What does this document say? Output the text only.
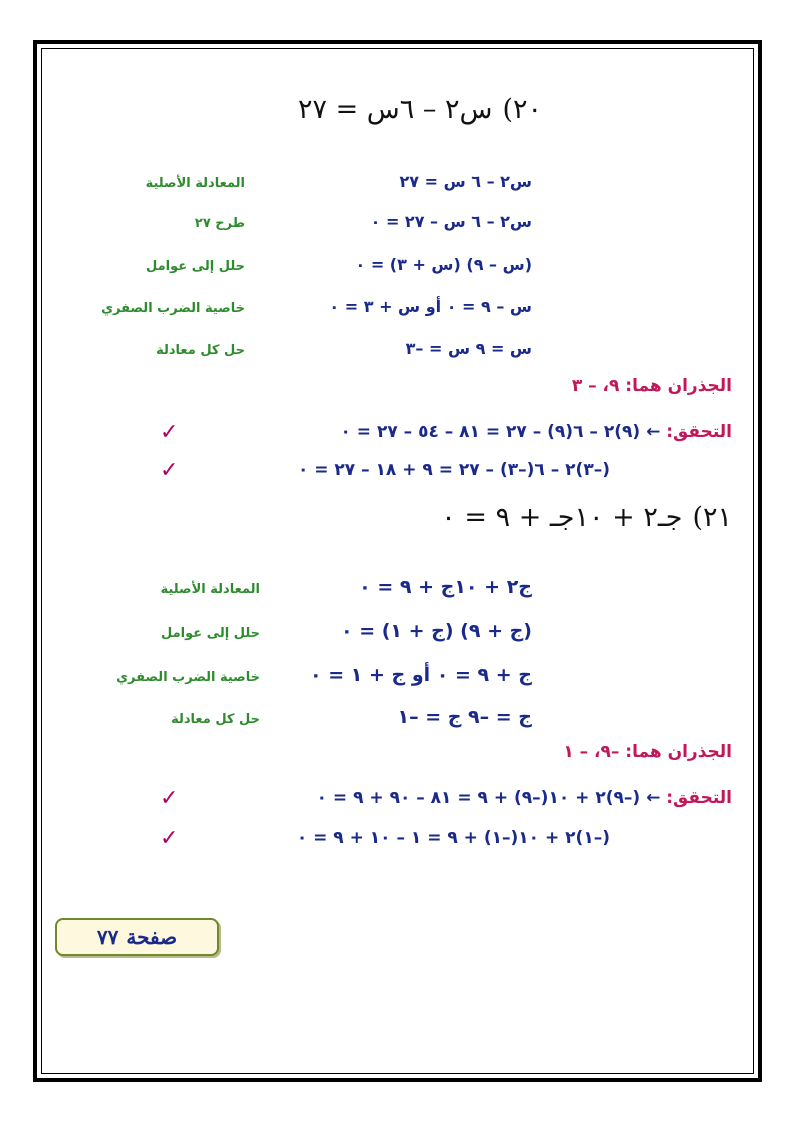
٢٠)س٢ – ٦س = ٢٧
س٢ – ٦ س = ٢٧
المعادلة الأصلية
س٢ – ٦ س – ٢٧ = ٠
طرح ٢٧
(س – ٩) (س + ٣) = ٠
حلل إلى عوامل
س – ٩ = ٠ أو س + ٣ = ٠
خاصية الضرب الصفري
س = ٩ س = –٣
حل كل معادلة
الجذران هما: ٩، – ٣
التحقق: ← (٩)٢ – ٦(٩) – ٢٧ = ٨١ – ٥٤ – ٢٧ = ٠
✓
(–٣)٢ – ٦(–٣) – ٢٧ = ٩ + ١٨ – ٢٧ = ٠
✓
٢١)جـ٢ + ١٠جـ + ٩ = ٠
ج٢ + ١٠ج + ٩ = ٠
المعادلة الأصلية
(ج + ٩) (ج + ١) = ٠
حلل إلى عوامل
ج + ٩ = ٠ أو ج + ١ = ٠
خاصية الضرب الصفري
ج = –٩ ج = –١
حل كل معادلة
الجذران هما: –٩، – ١
التحقق: ← (–٩)٢ + ١٠(–٩) + ٩ = ٨١ – ٩٠ + ٩ = ٠
✓
(–١)٢ + ١٠(–١) + ٩ = ١ – ١٠ + ٩ = ٠
✓
صفحة
٧٧
